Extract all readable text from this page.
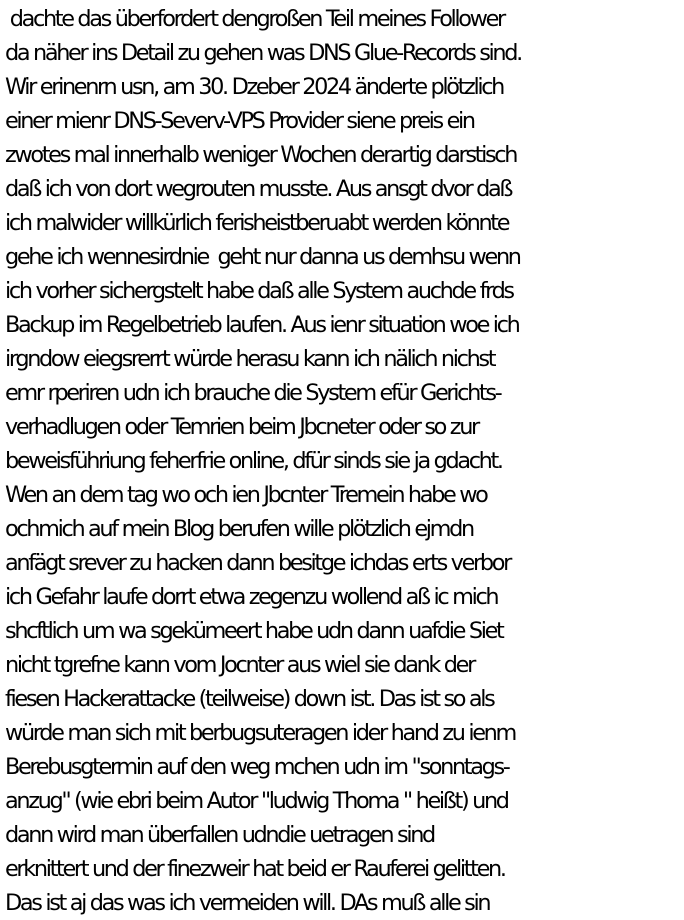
dachte das überfordert dengroßen Teil meines Follower
da näher ins Detail zu gehen was DNS Glue-Records sind.
Wir erinenrn usn, am 30. Dzeber 2024 änderte plötzlich
einer mienr DNS-Severv-VPS Provider siene preis ein
zwotes mal innerhalb weniger Wochen derartig darstisch
daß ich von dort wegrouten musste. Aus ansgt dvor daß
ich malwider willkürlich ferisheistberuabt werden könnte
gehe ich wennesirdnie  geht nur danna us demhsu wenn
ich vorher sichergstelt habe daß alle System auchde frds
Backup im Regelbetrieb laufen. Aus ienr situation woe ich
irgndow eiegsrerrt würde herasu kann ich nälich nichst
emr rperiren udn ich brauche die System efür Gerichts-
verhadlugen oder Temrien beim Jbcneter oder so zur
beweisführiung feherfrie online, dfür sinds sie ja gdacht.
Wen an dem tag wo och ien Jbcnter Tremein habe wo
ochmich auf mein Blog berufen wille plötzlich ejmdn
anfägt srever zu hacken dann besitge ichdas erts verbor
ich Gefahr laufe dorrt etwa zegenzu wollend aß ic mich
shcftlich um wa sgekümeert habe udn dann uafdie Siet
nicht tgrefne kann vom Jocnter aus wiel sie dank der
fiesen Hackerattacke (teilweise) down ist. Das ist so als
würde man sich mit berbugsuteragen ider hand zu ienm
Berebusgtermin auf den weg mchen udn im "sonntags-
anzug" (wie ebri beim Autor "ludwig Thoma " heißt) und
dann wird man überfallen udndie uetragen sind
erknittert und der finezweir hat beid er Rauferei gelitten.
Das ist aj das was ich vermeiden will. DAs muß alle sin
